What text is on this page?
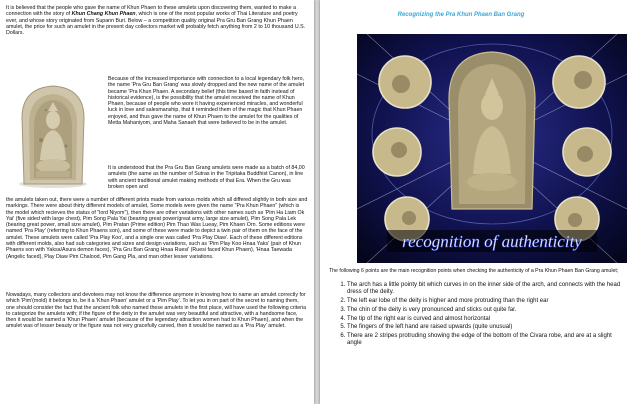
It is believed that the people who gave the name of Khun Phaen to these amulets upon discovering them, wanted to make a connection with the story of Khun Chang Khun Phaen, which is one of the most popular works of Thai Literature and poetry ever, and whose story originated from Supann Buri. Below – a competition quality original Pra Gru Ban Grang Khun Phaen amulet, the price for such an amulet in the present day collectors market will probably fetch anything from 2 to 10 thousand U.S. Dollars.

Because of the increased importance with connection to a local legendary folk hero, the name 'Pra Gru Ban Grang' was slowly dropped and the new name of the amulet became 'Pra Khun Phaen. A secondary belief (this time based in faith instead of historical evidence), is the possibility that the amulet received the name of Khun Phaen, because of people who wore it having experienced miracles, and wonderful luck in love and salesmanship, that it reminded them of the magic that Khun Phaen enjoyed, and thus gave the name of Khun Phaen to the amulet for the qualities of Metta Mahaniyom, and Maha Sanaeh that were believed to be in the amulet.

It is understood that the Pra Gru Ban Grang amulets were made as a batch of 84,00 amulets (the same as the number of Sutras in the Tripitaka Buddhist Canon), in line with ancient traditional amulet making methods of that Era. When the Gru was broken open and

the amulets taken out, there were a number of different prints made from various molds which all differed slightly in both size and markings. There were about thirty different models of amulet, Some models were given the name "Pra Khun Phaen" (which is the model which recieves the status of "lord Niyom"), then there are other variations with other names such as 'Pim Ha Liam Ok Yai' (five sided with large chest), Pim Song Pala Yai (bearing great power/great army, large size amulet), Pim Song Pala Lek (bearing great power, small size amulet), Pim Pratan (Prime edition) Pim Thao Was Lueay, Pim Khaen Orn. Some editions were named 'Pra Play' (referring to Khun Phaens son), and some of these were made to depict a twin pair of them on the face of the amulet. These amulets were called 'Pra Play Koo', and a single one was called 'Pra Play Diaw'. Each of these different editions with different molds, also had sub categories and sizes and design variations, such as 'Pim Play Koo Hnaa Yaks' (pair of Khun Phaens son with Yaksa/Asura demon faces), 'Pra Gru Ban Grang Hnaa Ruesi' (Ruesi faced Khun Phaen), 'Hnaa Taewada (Angelic faced), Play Diaw Pim Chalood, Pim Gang Pla, and man other lesser variations.

Nowadays, many collectors and devotees may not know the difference anymore in knowing how to name an amulet correctly for which 'Pim'(mold) it belongs to, be it a 'Khun Phaen' amulet or a 'Pim Play'. To let you in on part of the secret to naming them, one should consider the fact that the ancient folk who named these amulets in the first place, will have used the following criteria to categorize the amulets with; if the figure of the deity in the amulet was very beautiful and attractive, with a handsome face, then it would be named a 'Khun Phaen' amulet (because of the legendary attraction women had to Khun Phaen), and when the amulet was of lesser beauty or the figure was not very gracefully carved, then it would be named as a 'Pra Play' amulet.

Recognizing the Pra Khun Phaen Ban Grang
recognition of authenticity

The following 6 points are the main recognition points when checking the authenticity of a Pra Khun Phaen Ban Grang amulet;

1. The arch has a little pointy bit which curves in on the inner side of the arch, and connects with the head dress of the deity.
2. The left ear lobe of the deity is higher and more protruding than the right ear
3. The chin of the deity is very pronounced and sticks out quite far.
4. The tip of the right ear is curved and almost horizontal
5. The fingers of the left hand are raised upwards (quite unusual)
6. There are 2 stripes protruding showing the edge of the bottom of the Civara robe, and are at a slight angle
